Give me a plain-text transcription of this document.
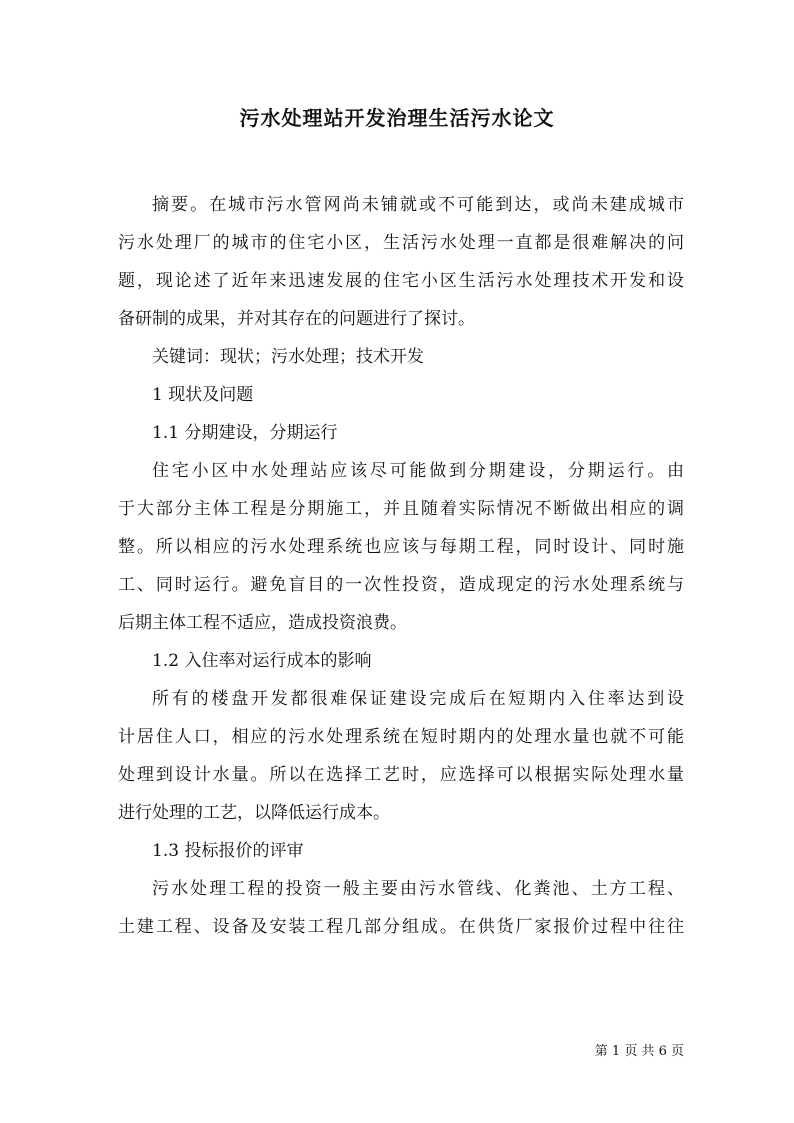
污水处理站开发治理生活污水论文

摘要。在城市污水管网尚未铺就或不可能到达，或尚未建成城市

污水处理厂的城市的住宅小区，生活污水处理一直都是很难解决的问

题，现论述了近年来迅速发展的住宅小区生活污水处理技术开发和设

备研制的成果，并对其存在的问题进行了探讨。

关键词：现状；污水处理；技术开发

1 现状及问题

1.1 分期建设，分期运行

住宅小区中水处理站应该尽可能做到分期建设，分期运行。由

于大部分主体工程是分期施工，并且随着实际情况不断做出相应的调

整。所以相应的污水处理系统也应该与每期工程，同时设计、同时施

工、同时运行。避免盲目的一次性投资，造成现定的污水处理系统与

后期主体工程不适应，造成投资浪费。

1.2 入住率对运行成本的影响

所有的楼盘开发都很难保证建设完成后在短期内入住率达到设

计居住人口，相应的污水处理系统在短时期内的处理水量也就不可能

处理到设计水量。所以在选择工艺时，应选择可以根据实际处理水量

进行处理的工艺，以降低运行成本。

1.3 投标报价的评审

污水处理工程的投资一般主要由污水管线、化粪池、土方工程、

土建工程、设备及安装工程几部分组成。在供货厂家报价过程中往往

第 1 页 共 6 页
